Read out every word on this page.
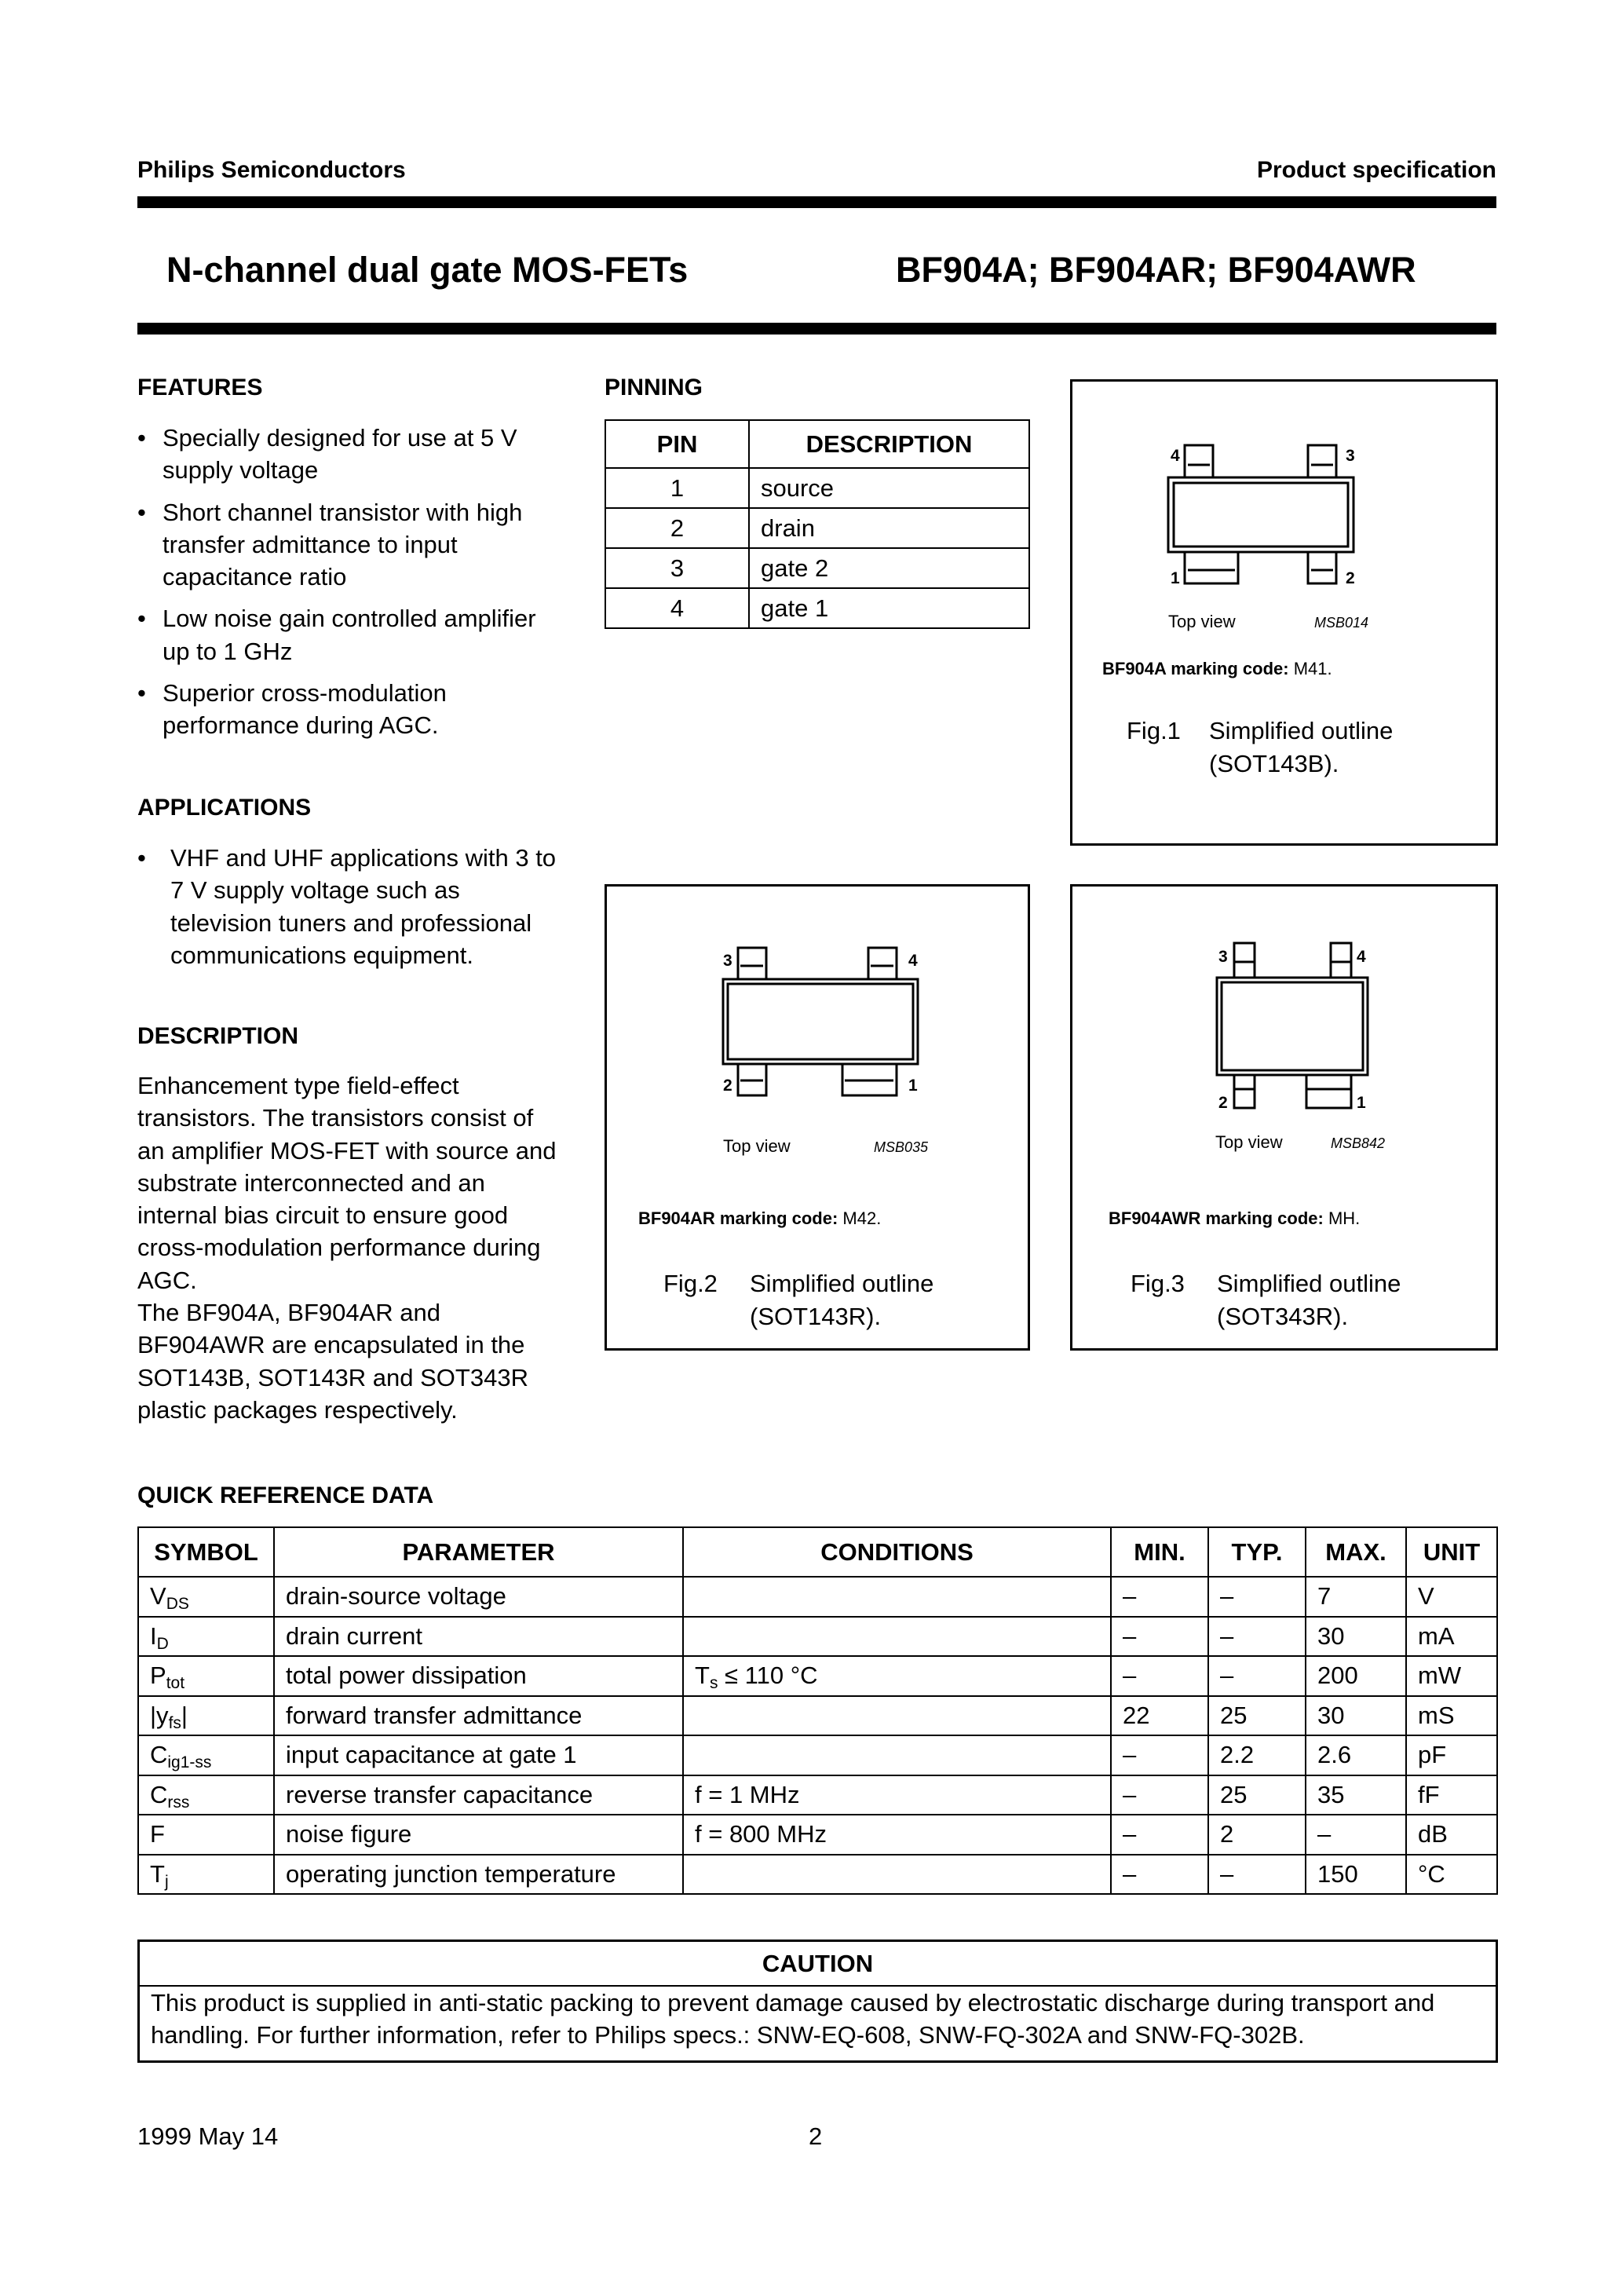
Philips Semiconductors	Product specification
N-channel dual gate MOS-FETs	BF904A; BF904AR; BF904AWR
FEATURES
• Specially designed for use at 5 V supply voltage
• Short channel transistor with high transfer admittance to input capacitance ratio
• Low noise gain controlled amplifier up to 1 GHz
• Superior cross-modulation performance during AGC.
APPLICATIONS
• VHF and UHF applications with 3 to 7 V supply voltage such as television tuners and professional communications equipment.
DESCRIPTION
Enhancement type field-effect transistors. The transistors consist of an amplifier MOS-FET with source and substrate interconnected and an internal bias circuit to ensure good cross-modulation performance during AGC.
The BF904A, BF904AR and BF904AWR are encapsulated in the SOT143B, SOT143R and SOT343R plastic packages respectively.
PINNING
PIN	DESCRIPTION
1	source
2	drain
3	gate 2
4	gate 1
4	3
1	2
Top view	MSB014
BF904A marking code: M41.
Fig.1 Simplified outline
(SOT143B).
3	4
2	1
Top view	MSB035
BF904AR marking code: M42.
Fig.2 Simplified outline
(SOT143R).
3	4
2	1
Top view	MSB842
BF904AWR marking code: MH.
Fig.3 Simplified outline
(SOT343R).
QUICK REFERENCE DATA
SYMBOL	PARAMETER	CONDITIONS	MIN.	TYP.	MAX.	UNIT
$V_{DS}$	drain-source voltage		–	–	7	V
$I_D$	drain current		–	–	30	mA
$P_{tot}$	total power dissipation	$T_s \le 110$ °C	–	–	200	mW
$|y_{fs}|$	forward transfer admittance		22	25	30	mS
$C_{ig1-ss}$	input capacitance at gate 1		–	2.2	2.6	pF
$C_{rss}$	reverse transfer capacitance	f = 1 MHz	–	25	35	fF
F	noise figure	f = 800 MHz	–	2	–	dB
$T_j$	operating junction temperature		–	–	150	°C
CAUTION
This product is supplied in anti-static packing to prevent damage caused by electrostatic discharge during transport and handling. For further information, refer to Philips specs.: SNW-EQ-608, SNW-FQ-302A and SNW-FQ-302B.
1999 May 14	2
